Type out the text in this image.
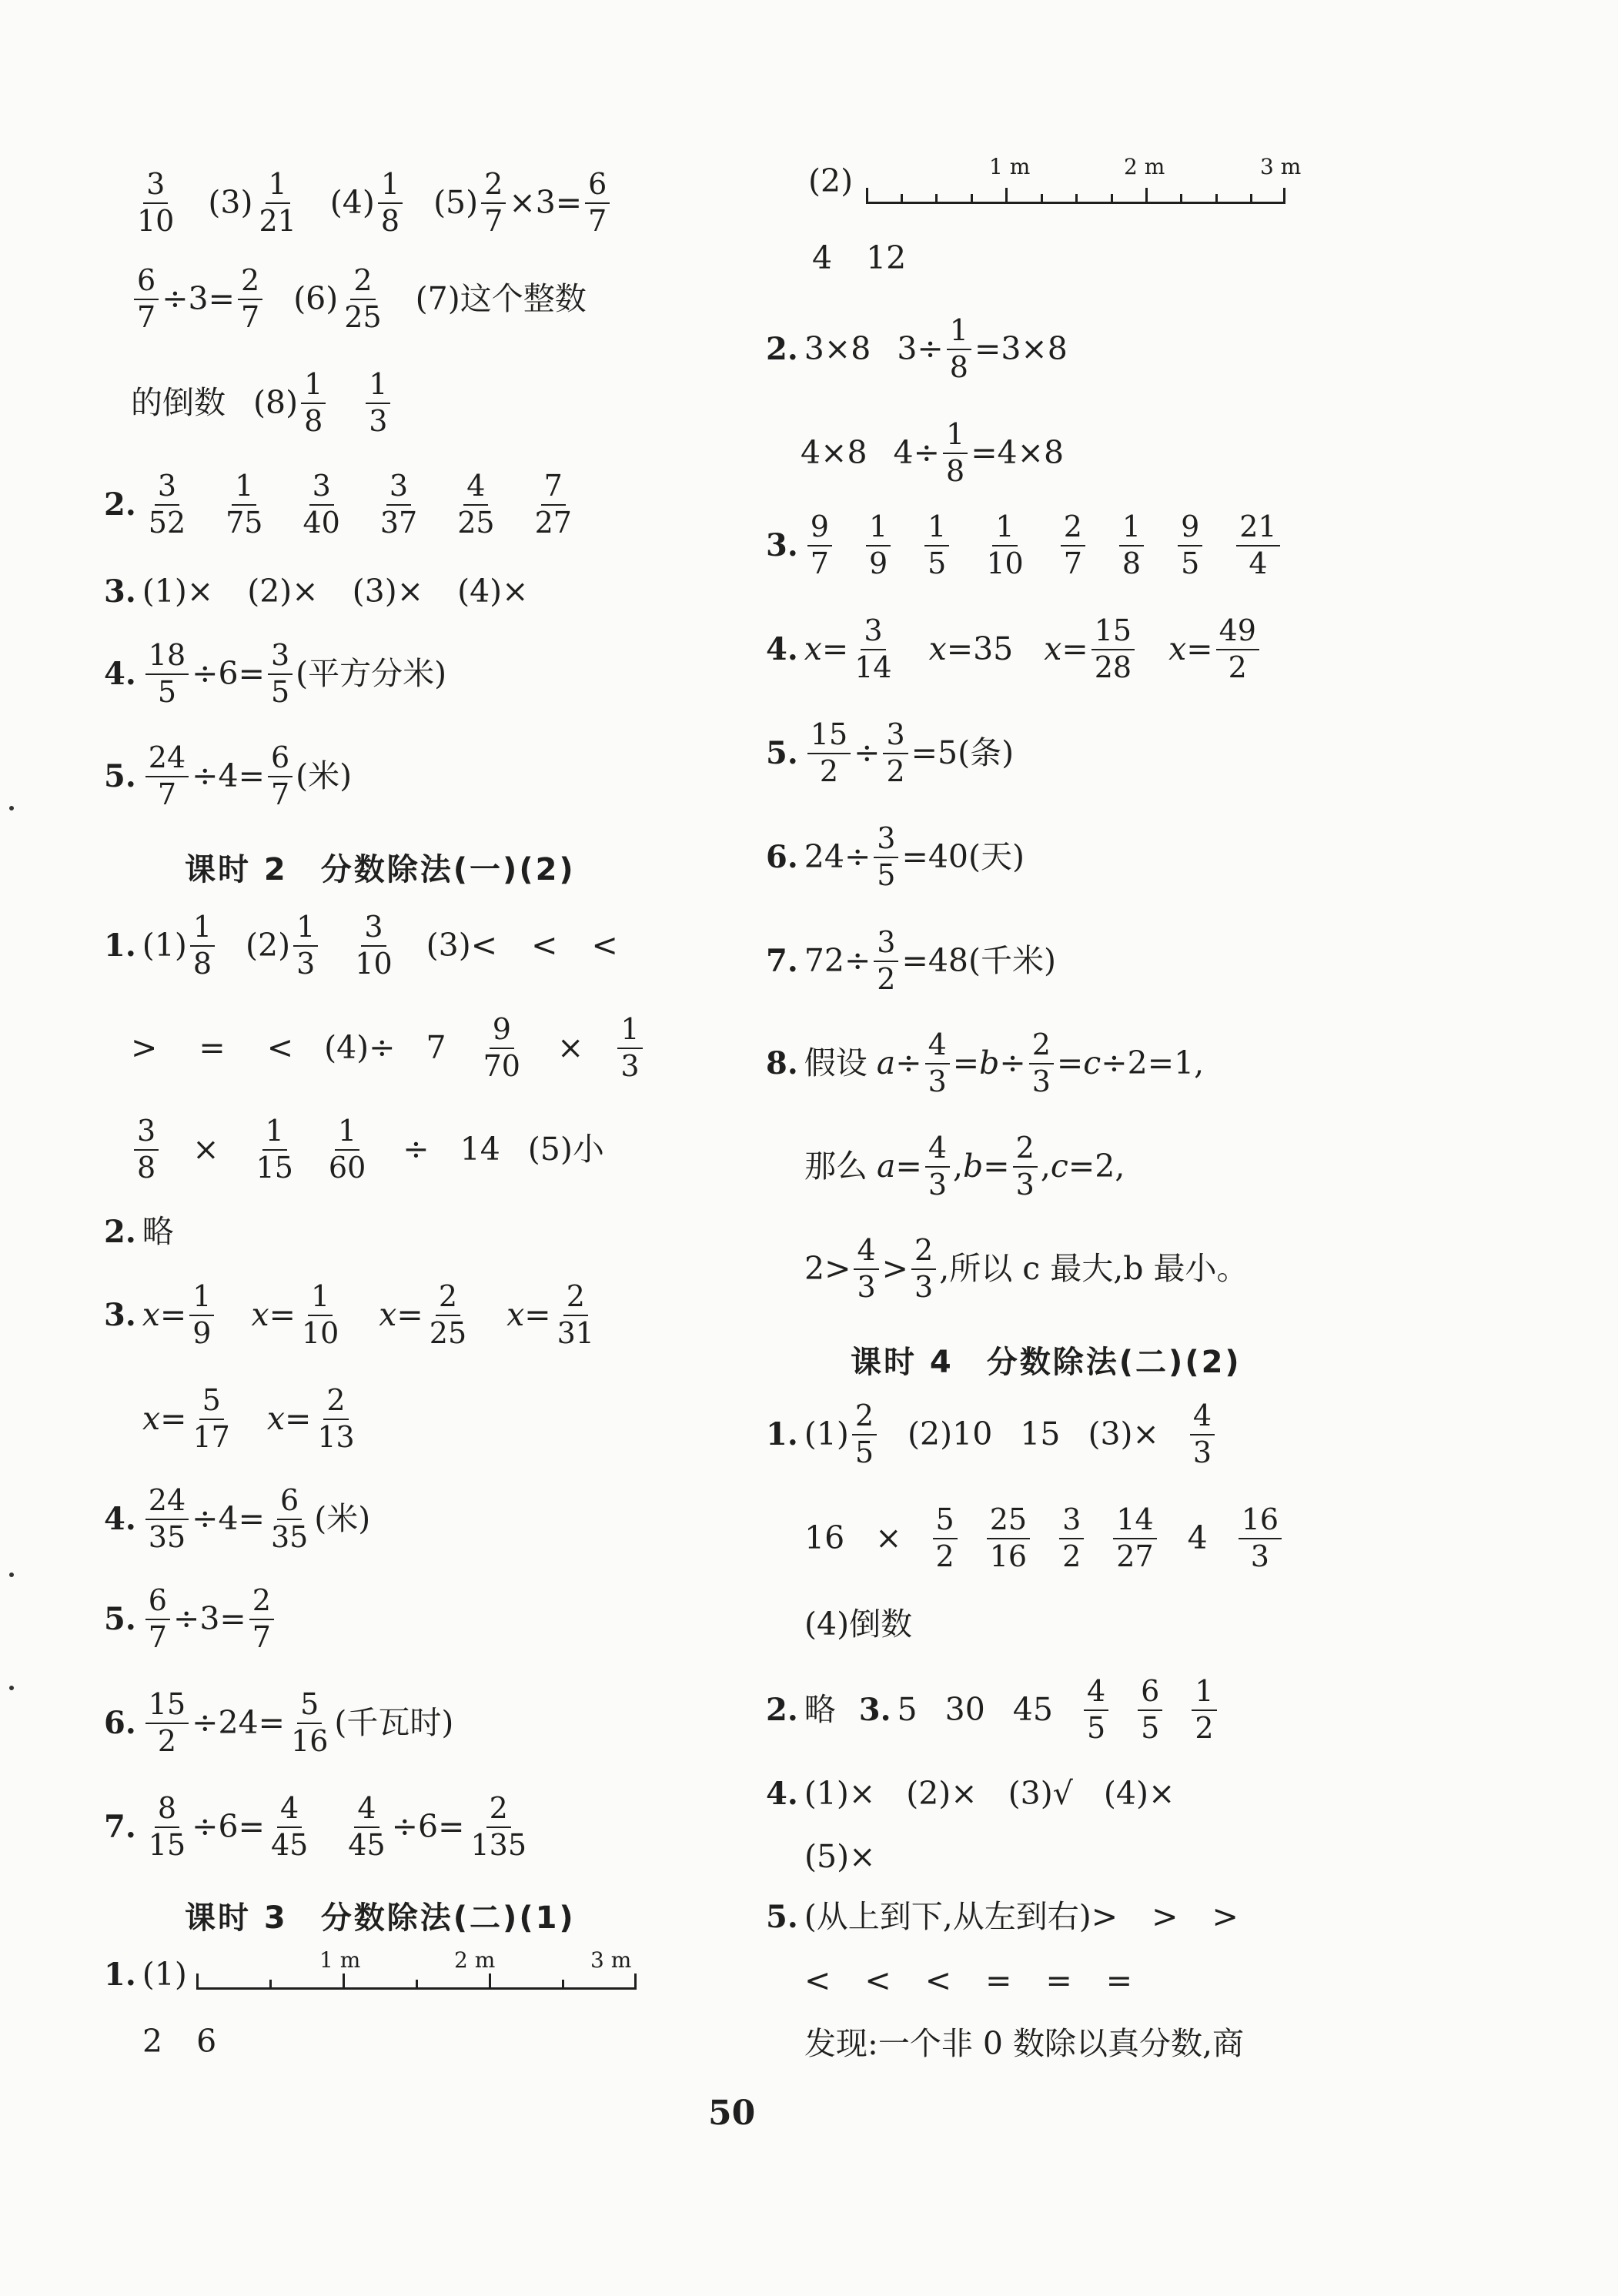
$\frac{3}{10} (3) \frac{1}{21} (4) \frac{1}{8} (5) \frac{2}{7} \times 3 = \frac{6}{7}$
$\frac{6}{7} \div 3 = \frac{2}{7} (6) \frac{2}{25} (7)$ 这个整数
的倒数 $(8) \frac{1}{8} \frac{1}{3}$
2. $\frac{3}{52} \frac{1}{75} \frac{3}{40} \frac{3}{37} \frac{4}{25} \frac{7}{27}$
3. (1) × (2) × (3) × (4) ×
4. $\frac{18}{5} \div 6 = \frac{3}{5}$ (平方分米)
5. $\frac{24}{7} \div 4 = \frac{6}{7}$ (米)
课时 2　分数除法(一)(2)
1. $(1) \frac{1}{8} (2) \frac{1}{3} \frac{3}{10} (3)$ < < <
> = < $(4) \div 7 \frac{9}{70} \times \frac{1}{3}$
$\frac{3}{8} \times \frac{1}{15} \frac{1}{60} \div 14$ (5)小
2. 略
3. $x = \frac{1}{9}$ $x = \frac{1}{10}$ $x = \frac{2}{25}$ $x = \frac{2}{31}$
$x = \frac{5}{17}$ $x = \frac{2}{13}$
4. $\frac{24}{35} \div 4 = \frac{6}{35}$ (米)
5. $\frac{6}{7} \div 3 = \frac{2}{7}$
6. $\frac{15}{2} \div 24 = \frac{5}{16}$ (千瓦时)
7. $\frac{8}{15} \div 6 = \frac{4}{45} \frac{4}{45} \div 6 = \frac{2}{135}$
课时 3　分数除法(二)(1)
1. (1)	1 m	2 m	3 m
2 6
50
(2)	1 m	2 m	3 m
4 12
2. 3 × 8 $3 \div \frac{1}{8} = 3 \times 8$
4 × 8 $4 \div \frac{1}{8} = 4 \times 8$
3. $\frac{9}{7} \frac{1}{9} \frac{1}{5} \frac{1}{10} \frac{2}{7} \frac{1}{8} \frac{9}{5} \frac{21}{4}$
4. $x = \frac{3}{14}$ x = 35 $x = \frac{15}{28}$ $x = \frac{49}{2}$
5. $\frac{15}{2} \div \frac{3}{2} = 5$ (条)
6. $24 \div \frac{3}{5} = 40$ (天)
7. $72 \div \frac{3}{2} = 48$ (千米)
8. 假设 $a \div \frac{4}{3} = b \div \frac{2}{3} = c \div 2 = 1$ ,
那么 $a = \frac{4}{3}$ , $b = \frac{2}{3}$ , c = 2 ,
$2 > \frac{4}{3} > \frac{2}{3}$ ,所以 c 最大,b 最小。
课时 4　分数除法(二)(2)
1. $(1) \frac{2}{5} (2)$ 10 15 $(3) \times \frac{4}{3}$
$16 \times \frac{5}{2} \frac{25}{16} \frac{3}{2} \frac{14}{27} 4 \frac{16}{3}$
(4)倒数
2. 略 3. 5 30 $45 \frac{4}{5} \frac{6}{5} \frac{1}{2}$
4. (1) × (2) × (3) √ (4) ×
(5) ×
5. (从上到下,从左到右) > > >
< < < = = =
发现:一个非 0 数除以真分数,商
